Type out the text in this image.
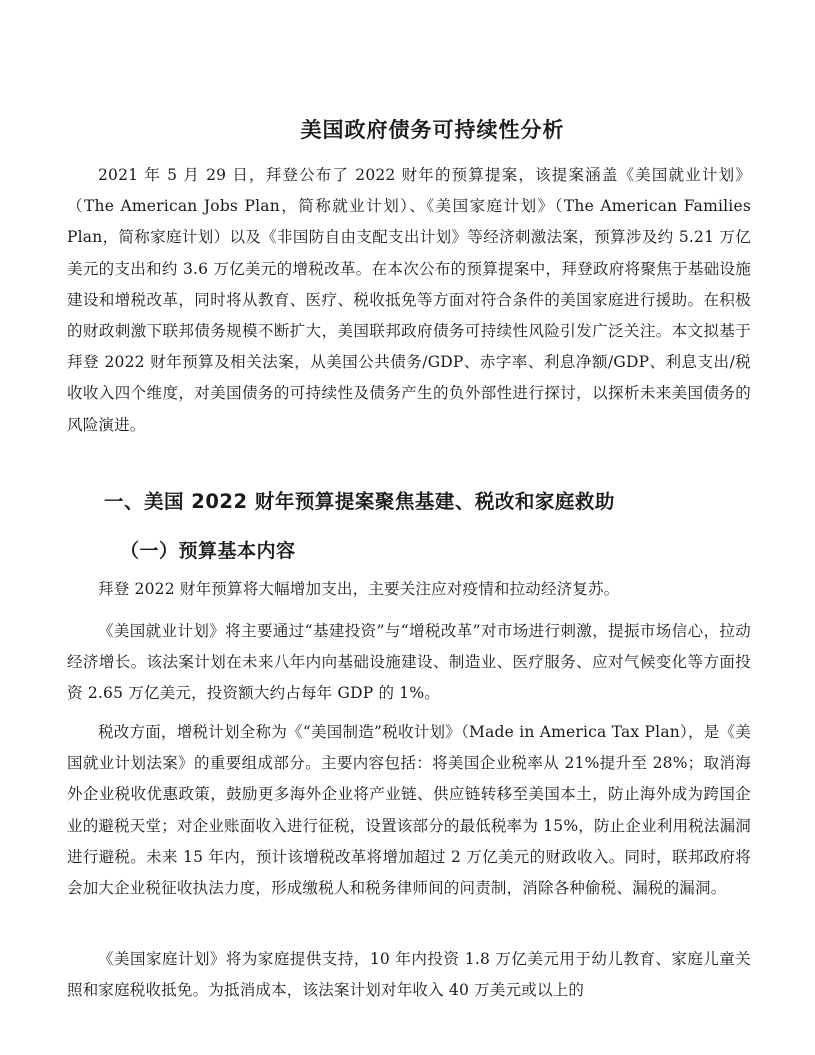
美国政府债务可持续性分析

2021 年 5 月 29 日，拜登公布了 2022 财年的预算提案，该提案涵盖《美国就业计划》（The American Jobs Plan，简称就业计划）、《美国家庭计划》（The American Families Plan，简称家庭计划）以及《非国防自由支配支出计划》等经济刺激法案，预算涉及约 5.21 万亿美元的支出和约 3.6 万亿美元的增税改革。在本次公布的预算提案中，拜登政府将聚焦于基础设施建设和增税改革，同时将从教育、医疗、税收抵免等方面对符合条件的美国家庭进行援助。在积极的财政刺激下联邦债务规模不断扩大，美国联邦政府债务可持续性风险引发广泛关注。本文拟基于拜登 2022 财年预算及相关法案，从美国公共债务/GDP、赤字率、利息净额/GDP、利息支出/税收收入四个维度，对美国债务的可持续性及债务产生的负外部性进行探讨，以探析未来美国债务的风险演进。

一、美国 2022 财年预算提案聚焦基建、税改和家庭救助
（一）预算基本内容

拜登 2022 财年预算将大幅增加支出，主要关注应对疫情和拉动经济复苏。

《美国就业计划》将主要通过“基建投资”与“增税改革”对市场进行刺激，提振市场信心，拉动经济增长。该法案计划在未来八年内向基础设施建设、制造业、医疗服务、应对气候变化等方面投资 2.65 万亿美元，投资额大约占每年 GDP 的 1%。

税改方面，增税计划全称为《“美国制造”税收计划》（Made in America Tax Plan），是《美国就业计划法案》的重要组成部分。主要内容包括：将美国企业税率从 21%提升至 28%；取消海外企业税收优惠政策，鼓励更多海外企业将产业链、供应链转移至美国本土，防止海外成为跨国企业的避税天堂；对企业账面收入进行征税，设置该部分的最低税率为 15%，防止企业利用税法漏洞进行避税。未来 15 年内，预计该增税改革将增加超过 2 万亿美元的财政收入。同时，联邦政府将会加大企业税征收执法力度，形成缴税人和税务律师间的问责制，消除各种偷税、漏税的漏洞。

《美国家庭计划》将为家庭提供支持，10 年内投资 1.8 万亿美元用于幼儿教育、家庭儿童关照和家庭税收抵免。为抵消成本，该法案计划对年收入 40 万美元或以上的
